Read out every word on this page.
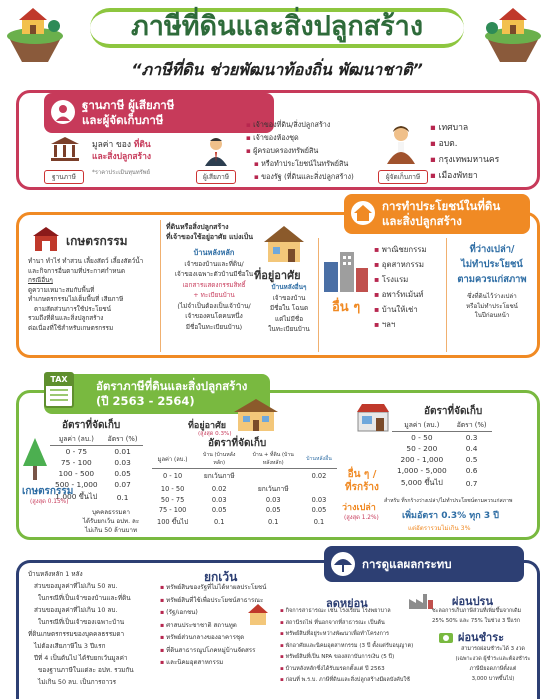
ภาษีที่ดินและสิ่งปลูกสร้าง
“ภาษีที่ดิน ช่วยพัฒนาท้องถิ่น พัฒนาชาติ”
ฐานภาษี ผู้เสียภาษี
และผู้จัดเก็บภาษี
ฐานภาษี
มูลค่า ของ ที่ดิน
และสิ่งปลูกสร้าง
*ราคาประเมินทุนทรัพย์	ผู้เสียภาษี
▪ เจ้าของที่ดิน/สิ่งปลูกสร้าง
▪ เจ้าของห้องชุด
▪ ผู้ครอบครองทรัพย์สิน
▪ หรือทำประโยชน์ในทรัพย์สิน
▪ ของรัฐ (ที่ดินและสิ่งปลูกสร้าง)	ผู้จัดเก็บภาษี
▪ เทศบาล
▪ อบต.
▪ กรุงเทพมหานคร
▪ เมืองพัทยา
การทำประโยชน์ในที่ดิน
และสิ่งปลูกสร้าง
เกษตรกรรม
ทำนา ทำไร่ ทำสวน เลี้ยงสัตว์ เลี้ยงสัตว์น้ำ
และกิจการอื่นตามที่ประกาศกำหนด
กรณีอื่นๆ
ดูความเหมาะสมกับพื้นที่
ทำเกษตรกรรมไม่เต็มพื้นที่ เสียภาษี
ตามสัดส่วนการใช้ประโยชน์
รวมถึงที่ดินและสิ่งปลูกสร้าง
ต่อเนื่องที่ใช้สำหรับเกษตรกรรม
ที่ดินหรือสิ่งปลูกสร้าง
ที่เจ้าของใช้อยู่อาศัย แบ่งเป็น
บ้านหลังหลัก
เจ้าของบ้านและที่ดิน/
เจ้าของเฉพาะตัวบ้านมีชื่อใน
เอกสารแสดงกรรมสิทธิ์
+ ทะเบียนบ้าน
(ไม่จำเป็นต้องเป็นเจ้าบ้าน/
เจ้าของคนโดคนหนึ่ง
มีชื่อในทะเบียนบ้าน)
ที่อยู่อาศัย
บ้านหลังอื่นๆ
เจ้าของบ้าน
มีชื่อใน โฉนด
แต่ไม่มีชื่อ
ในทะเบียนบ้าน
อื่น ๆ
▪ พาณิชยกรรม
▪ อุตสาหกรรม
▪ โรงแรม
▪ อพาร์ทเม้นท์
▪ บ้านให้เช่า
▪ ฯลฯ
ที่ว่างเปล่า/
ไม่ทำประโยชน์
ตามควรแก่สภาพ
ซึ่งที่ดินไว้ว่างเปล่า
หรือไม่ทำประโยชน์
ในปีก่อนหน้า
อัตราภาษีที่ดินและสิ่งปลูกสร้าง
(ปี 2563 - 2564)
TAX
อัตราที่จัดเก็บ
มูลค่า (ลบ.)	อัตรา (%)
0 - 75	0.01
75 - 100	0.03
100 - 500	0.05
500 - 1,000	0.07
1,000 ขึ้นไป	0.1
เกษตรกรรม
(สูงสุด 0.15%)
บุคคลธรรมดา
ได้รับยกเว้น อปท. ละ
ไม่เกิน 50 ล้านบาท
ที่อยู่อาศัย
(สูงสุด 0.3%)
อัตราที่จัดเก็บ
มูลค่า (ลบ.)	บ้าน (บ้านหลังหลัก)	บ้าน + ที่ดิน (บ้านหลังหลัก)	บ้านหลังอื่น
0 - 10	ยกเว้นภาษี		0.02
10 - 50	0.02	ยกเว้นภาษี	
50 - 75	0.03	0.03	0.03
75 - 100	0.05	0.05	0.05
100 ขึ้นไป	0.1	0.1	0.1
อัตราที่จัดเก็บ
มูลค่า (ลบ.)	อัตรา (%)
0 - 50	0.3
50 - 200	0.4
200 - 1,000	0.5
1,000 - 5,000	0.6
5,000 ขึ้นไป	0.7
อื่น ๆ /
ที่รกร้าง
ว่างเปล่า
(สูงสุด 1.2%)
สำหรับ ที่รกร้างว่างเปล่า/ไม่ทำประโยชน์ตามควรแก่สภาพ
เพิ่มอัตรา 0.3% ทุก 3 ปี
แต่อัตรารวมไม่เกิน 3%
การดูแลผลกระทบ
บ้านหลังหลัก 1 หลัง
ส่วนของมูลค่าที่ไม่เกิน 50 ลบ.
ในกรณีที่เป็นเจ้าของบ้านและที่ดิน
ส่วนของมูลค่าที่ไม่เกิน 10 ลบ.
ในกรณีที่เป็นเจ้าของเฉพาะบ้าน
ที่ดินเกษตรกรรมของบุคคลธรรมดา
ไม่ต้องเสียภาษีใน 3 ปีแรก
ปีที่ 4 เป็นต้นไป ได้รับยกเว้นมูลค่า
ของฐานภาษีในแต่ละ อปท. รวมกัน
ไม่เกิน 50 ลบ. เป็นการถาวร
ยกเว้น
▪ ทรัพย์สินของรัฐที่ไม่ได้หาผลประโยชน์
▪ ทรัพย์สินที่ใช้เพื่อประโยชน์สาธารณะ
▪ (รัฐ/เอกชน)
▪ ศาสนประชาชาติ สถานทูต
▪ ทรัพย์ส่วนกลางของอาคารชุด
▪ ที่ดินสาธารณูปโภคหมู่บ้านจัดสรร
▪ และนิคมอุตสาหกรรม
ลดหย่อน
▪ กิจการสาธารณะ เช่น โรงเรียน โรงพยาบาล
▪ สถานีรถไฟ ที่นอกจากที่สาธารณะ เป็นต้น
▪ ทรัพย์สินที่อยู่ระหว่างพัฒนาเพื่อทำโครงการ
▪ พักอาศัยและนิคมอุตสาหกรรม (3 ปี ตั้งแต่รับอนุญาต)
▪ ทรัพย์สินที่เป็น NPA ของสถาบันการเงิน (5 ปี)
▪ บ้านหลังหลักซึ่งได้รับมรดกตั้งแต่ ปี 2563
▪ ก่อนที่ พ.ร.บ. ภาษีที่ดินและสิ่งปลูกสร้างมีผลบังคับใช้
ผ่อนปรน
ชะลอการเก็บภาษีส่วนที่เพิ่มขึ้นจากเดิม
25% 50% และ 75% ในช่วง 3 ปีแรก
ผ่อนชำระ
สามารถผ่อนชำระได้ 3 งวด
(เฉพาะงวด ผู้ชำระและต้องชำระ
ภาษีมียอดภาษีตั้งแต่
3,000 บาทขึ้นไป)
